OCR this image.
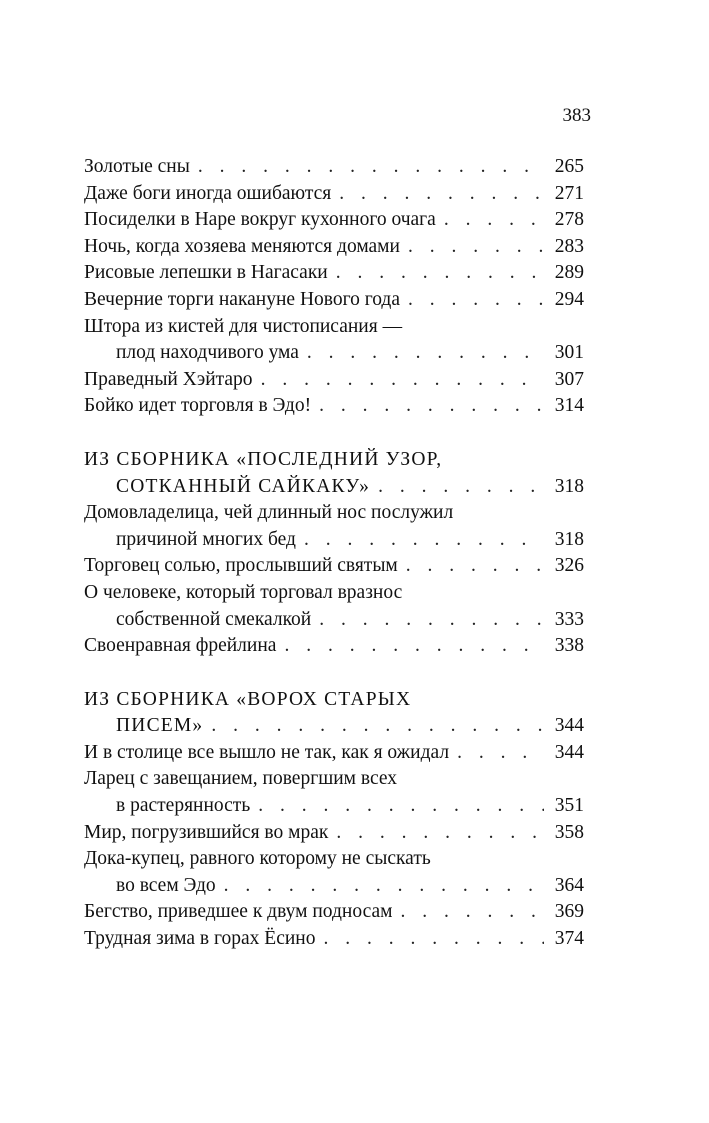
383
Золотые сны . . .	265
Даже боги иногда ошибаются . . .	271
Посиделки в Наре вокруг кухонного очага . . .	278
Ночь, когда хозяева меняются домами . . .	283
Рисовые лепешки в Нагасаки . . .	289
Вечерние торги накануне Нового года . . .	294
Штора из кистей для чистописания —
плод находчивого ума . . .	301
Праведный Хэйтаро . . .	307
Бойко идет торговля в Эдо! . . .	314
ИЗ СБОРНИКА «ПОСЛЕДНИЙ УЗОР,
СОТКАННЫЙ САЙКАКУ» . . .	318
Домовладелица, чей длинный нос послужил
причиной многих бед . . .	318
Торговец солью, прослывший святым . . .	326
О человеке, который торговал вразнос
собственной смекалкой . . .	333
Своенравная фрейлина . . .	338
ИЗ СБОРНИКА «ВОРОХ СТАРЫХ
ПИСЕМ» . . .	344
И в столице все вышло не так, как я ожидал . . .	344
Ларец с завещанием, повергшим всех
в растерянность . . .	351
Мир, погрузившийся во мрак . . .	358
Дока-купец, равного которому не сыскать
во всем Эдо . . .	364
Бегство, приведшее к двум подносам . . .	369
Трудная зима в горах Ёсино . . .	374
